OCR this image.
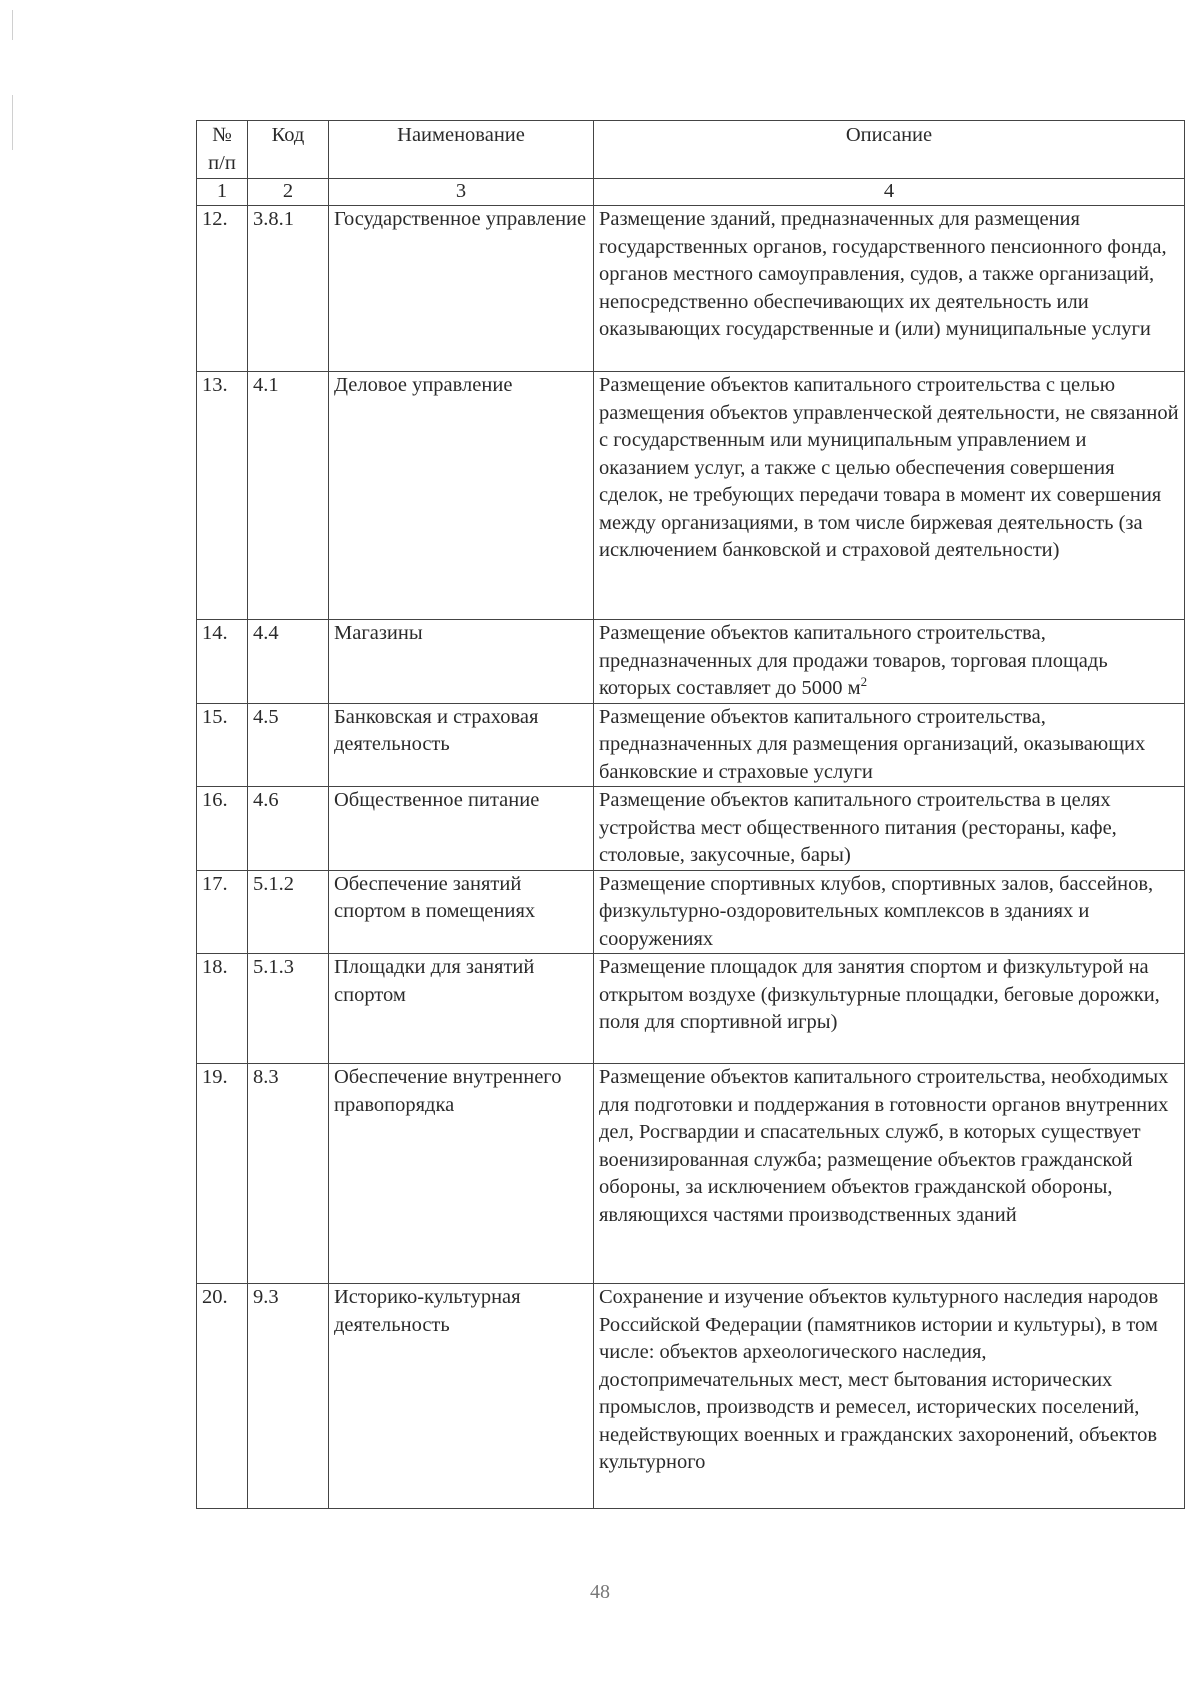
№ п/п	Код	Наименование	Описание
1	2	3	4
12.	3.8.1	Государственное управление	Размещение зданий, предназначенных для размещения государственных органов, государственного пенсионного фонда, органов местного самоуправления, судов, а также организаций, непосредственно обеспечивающих их деятельность или оказывающих государственные и (или) муниципальные услуги
13.	4.1	Деловое управление	Размещение объектов капитального строительства с целью размещения объектов управленческой деятельности, не связанной с государственным или муниципальным управлением и оказанием услуг, а также с целью обеспечения совершения сделок, не требующих передачи товара в момент их совершения между организациями, в том числе биржевая деятельность (за исключением банковской и страховой деятельности)
14.	4.4	Магазины	Размещение объектов капитального строительства, предназначенных для продажи товаров, торговая площадь которых составляет до 5000 $м^2$
15.	4.5	Банковская и страховая деятельность	Размещение объектов капитального строительства, предназначенных для размещения организаций, оказывающих банковские и страховые услуги
16.	4.6	Общественное питание	Размещение объектов капитального строительства в целях устройства мест общественного питания (рестораны, кафе, столовые, закусочные, бары)
17.	5.1.2	Обеспечение занятий спортом в помещениях	Размещение спортивных клубов, спортивных залов, бассейнов, физкультурно-оздоровительных комплексов в зданиях и сооружениях
18.	5.1.3	Площадки для занятий спортом	Размещение площадок для занятия спортом и физкультурой на открытом воздухе (физкультурные площадки, беговые дорожки, поля для спортивной игры)
19.	8.3	Обеспечение внутреннего правопорядка	Размещение объектов капитального строительства, необходимых для подготовки и поддержания в готовности органов внутренних дел, Росгвардии и спасательных служб, в которых существует военизированная служба; размещение объектов гражданской обороны, за исключением объектов гражданской обороны, являющихся частями производственных зданий
20.	9.3	Историко-культурная деятельность	Сохранение и изучение объектов культурного наследия народов Российской Федерации (памятников истории и культуры), в том числе: объектов археологического наследия, достопримечательных мест, мест бытования исторических промыслов, производств и ремесел, исторических поселений, недействующих военных и гражданских захоронений, объектов культурного
48
